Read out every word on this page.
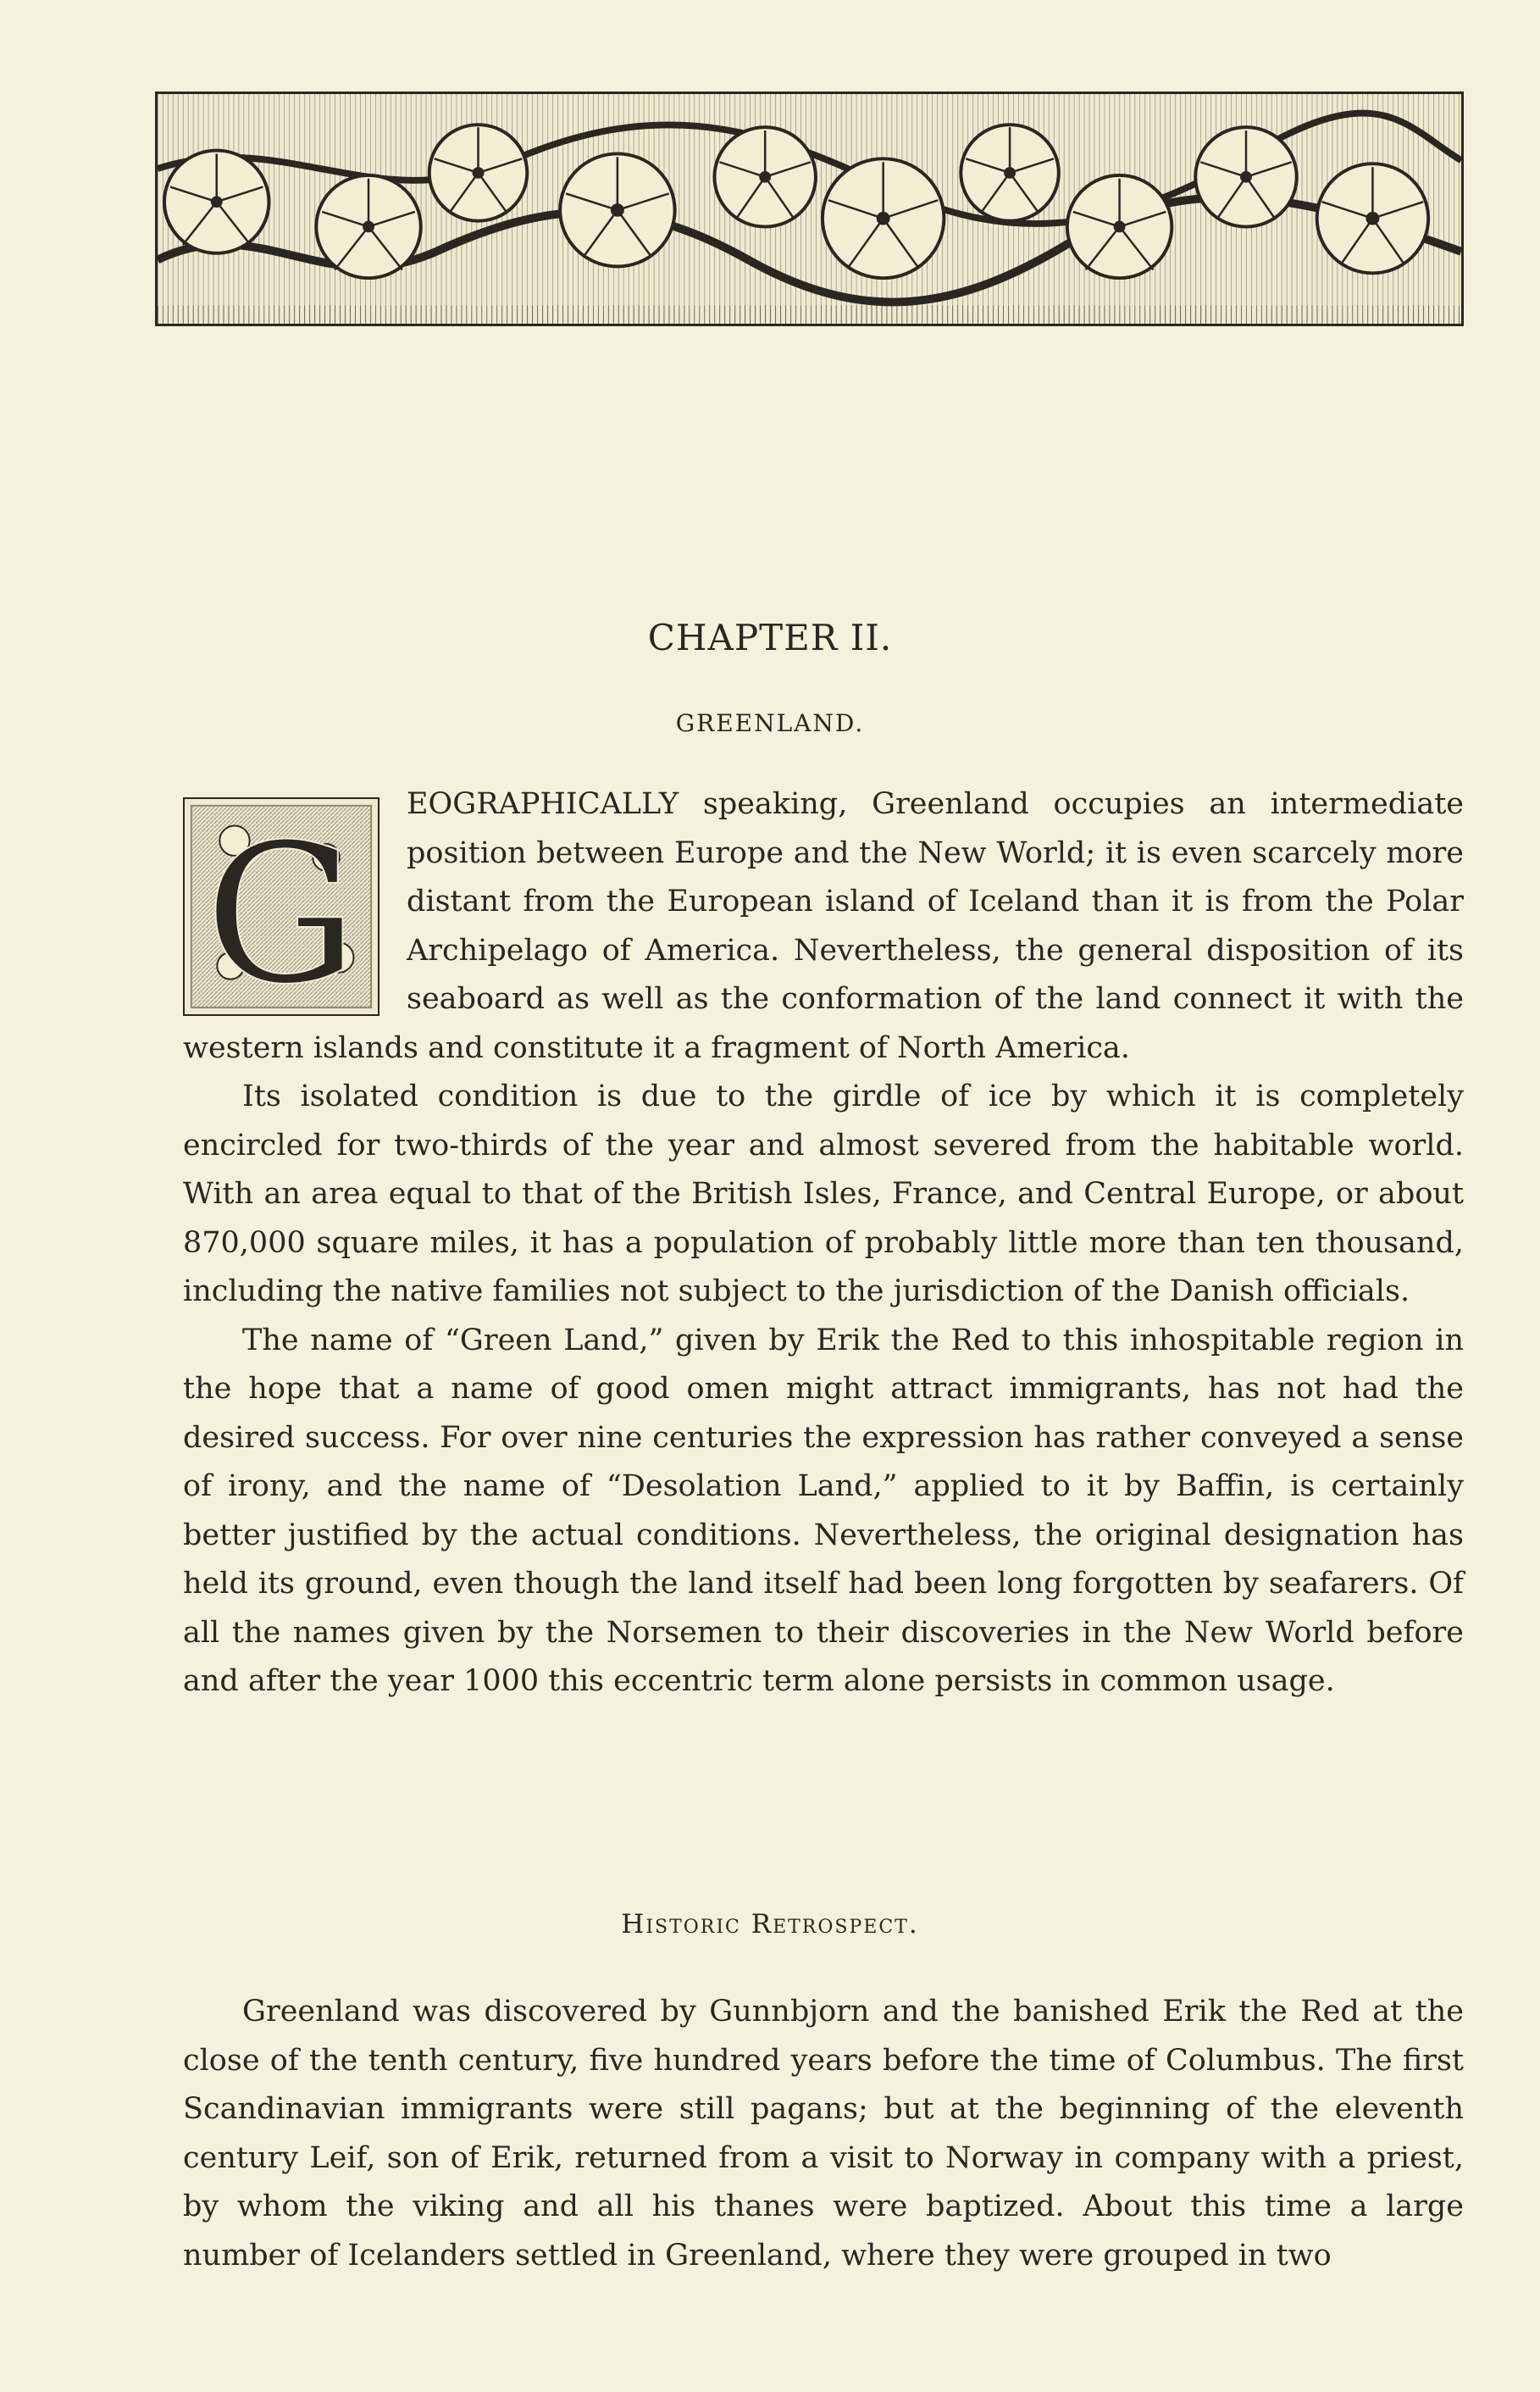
CHAPTER II.
GREENLAND.
G	EOGRAPHICALLY speaking, Greenland occupies an intermediate position between Europe and the New World; it is even scarcely more distant from the European island of Iceland than it is from the Polar Archipelago of America. Nevertheless, the general disposition of its seaboard as well as the conformation of the land connect it with the western islands and constitute it a fragment of North America.

Its isolated condition is due to the girdle of ice by which it is completely encircled for two-thirds of the year and almost severed from the habitable world. With an area equal to that of the British Isles, France, and Central Europe, or about 870,000 square miles, it has a population of probably little more than ten thousand, including the native families not subject to the jurisdiction of the Danish officials.

The name of “Green Land,” given by Erik the Red to this inhospitable region in the hope that a name of good omen might attract immigrants, has not had the desired success. For over nine centuries the expression has rather conveyed a sense of irony, and the name of “Desolation Land,” applied to it by Baffin, is certainly better justified by the actual conditions. Nevertheless, the original designation has held its ground, even though the land itself had been long forgotten by seafarers. Of all the names given by the Norsemen to their discoveries in the New World before and after the year 1000 this eccentric term alone persists in common usage.

Historic Retrospect.

Greenland was discovered by Gunnbjorn and the banished Erik the Red at the close of the tenth century, five hundred years before the time of Columbus. The first Scandinavian immigrants were still pagans; but at the beginning of the eleventh century Leif, son of Erik, returned from a visit to Norway in company with a priest, by whom the viking and all his thanes were baptized. About this time a large number of Icelanders settled in Greenland, where they were grouped in two
